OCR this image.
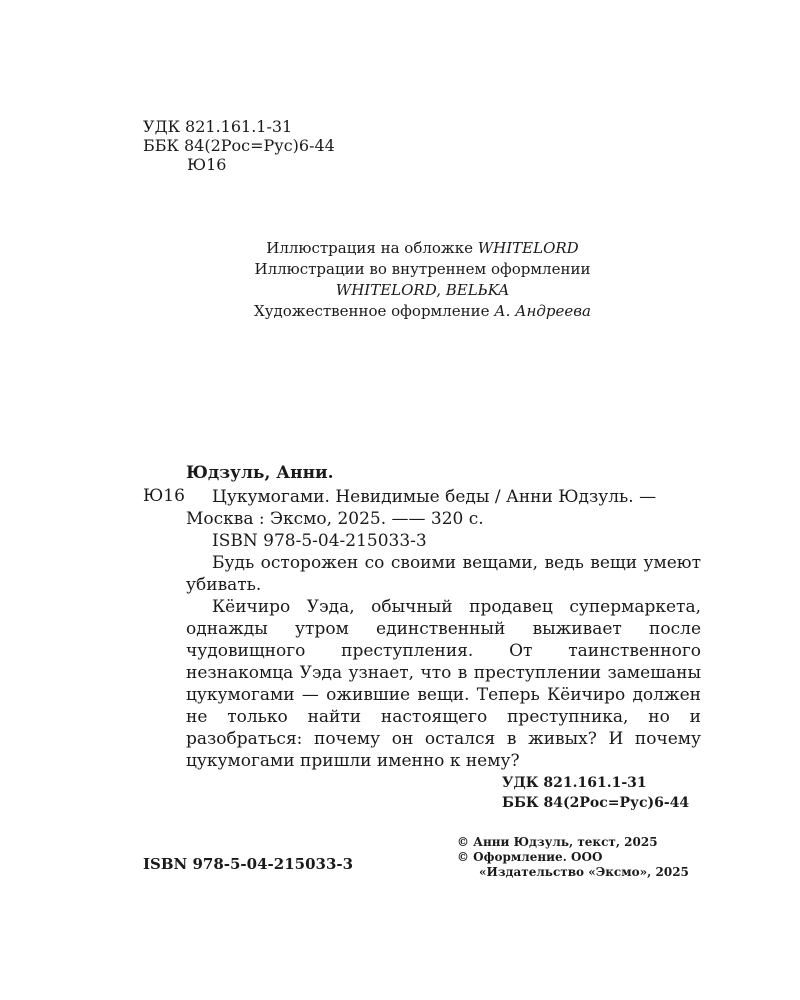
УДК 821.161.1-31
ББК 84(2Рос=Рус)6-44
Ю16
Иллюстрация на обложке WHITELORD
Иллюстрации во внутреннем оформлении
WHITELORD, BELЬKA
Художественное оформление А. Андреева
Юдзуль, Анни.
Ю16	Цукумогами. Невидимые беды / Анни Юдзуль. —

Москва : Эксмо, 2025. —— 320 с.

ISBN 978-5-04-215033-3

Будь осторожен со своими вещами, ведь вещи умеют убивать.

Кёичиро Уэда, обычный продавец супермаркета, однажды утром единственный выживает после чудовищного преступления. От таинственного незнакомца Уэда узнает, что в преступлении замешаны цукумогами — ожившие вещи. Теперь Кёичиро должен не только найти настоящего преступника, но и разобраться: почему он остался в живых? И почему цукумогами пришли именно к нему?

УДК 821.161.1-31
ББК 84(2Рос=Рус)6-44
© Анни Юдзуль, текст, 2025
© Оформление. ООО
«Издательство «Эксмо», 2025
ISBN 978-5-04-215033-3
